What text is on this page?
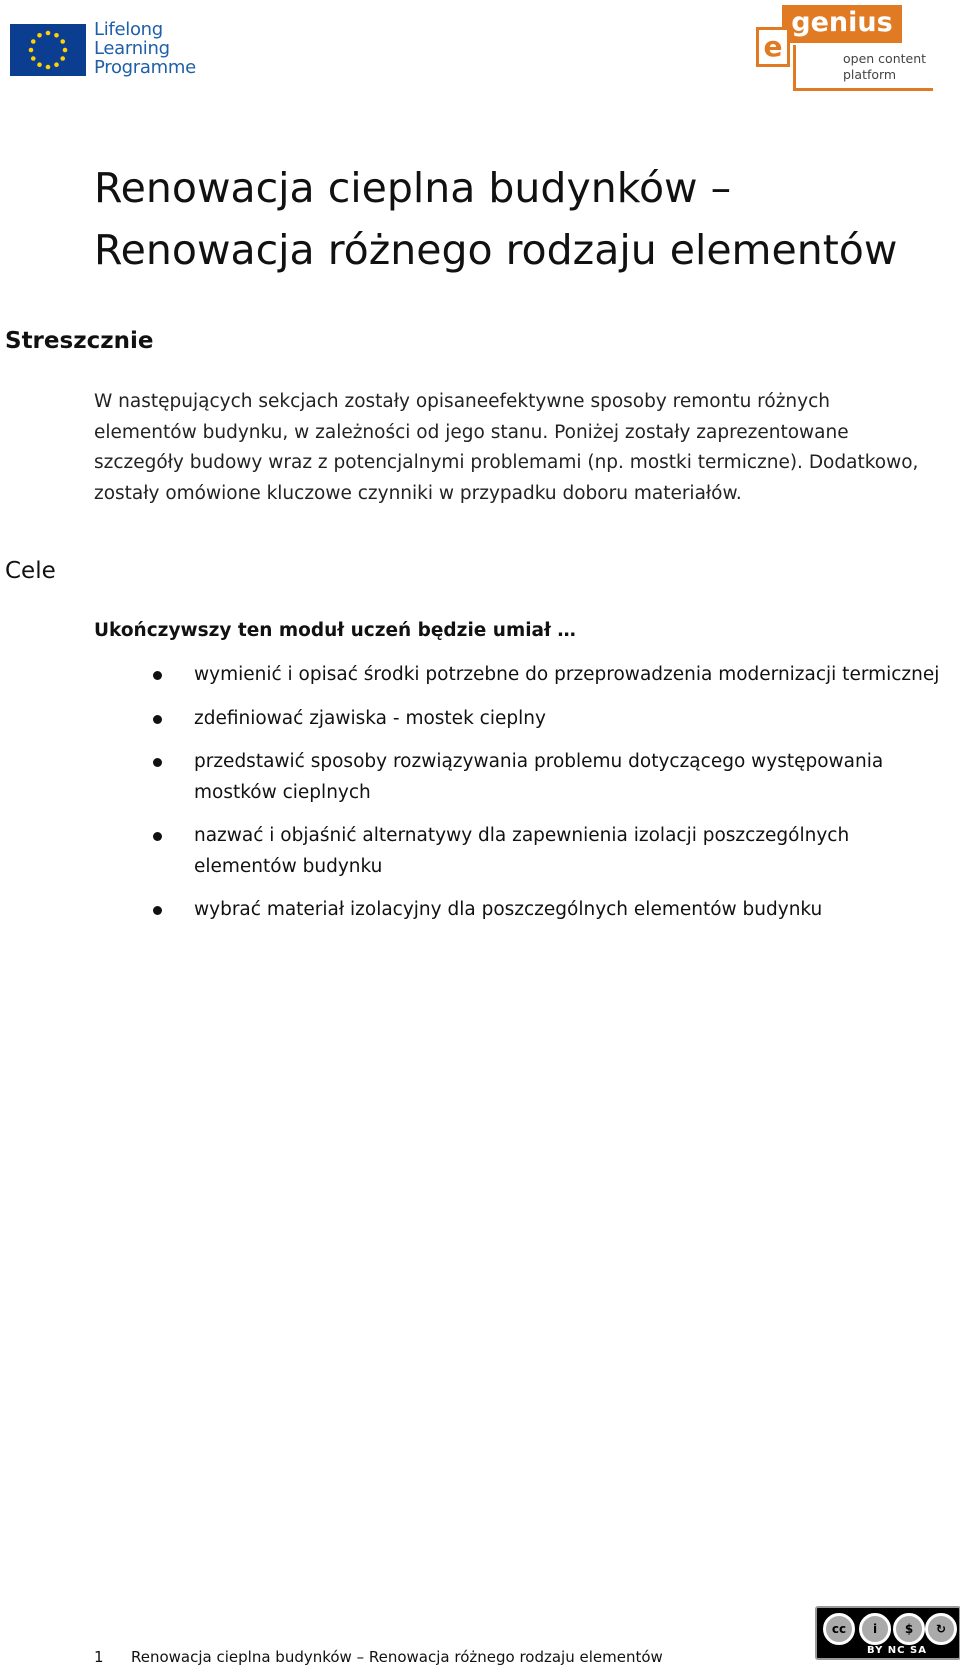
Lifelong
Learning
Programme
genius
e	open content
platform
Renowacja cieplna budynków –
Renowacja różnego rodzaju elementów
Streszcznie
W następujących sekcjach zostały opisaneefektywne sposoby remontu różnych elementów budynku, w zależności od jego stanu. Poniżej zostały zaprezentowane szczegóły budowy wraz z potencjalnymi problemami (np. mostki termiczne). Dodatkowo, zostały omówione kluczowe czynniki w przypadku doboru materiałów.
Cele
Ukończywszy ten moduł uczeń będzie umiał …
wymienić i opisać środki potrzebne do przeprowadzenia modernizacji termicznej
zdefiniować zjawiska - mostek cieplny
przedstawić sposoby rozwiązywania problemu dotyczącego występowania mostków cieplnych
nazwać i objaśnić alternatywy dla zapewnienia izolacji poszczególnych elementów budynku
wybrać materiał izolacyjny dla poszczególnych elementów budynku
1 Renowacja cieplna budynków – Renowacja różnego rodzaju elementów
cc	i	$	↻
BY NC SA
